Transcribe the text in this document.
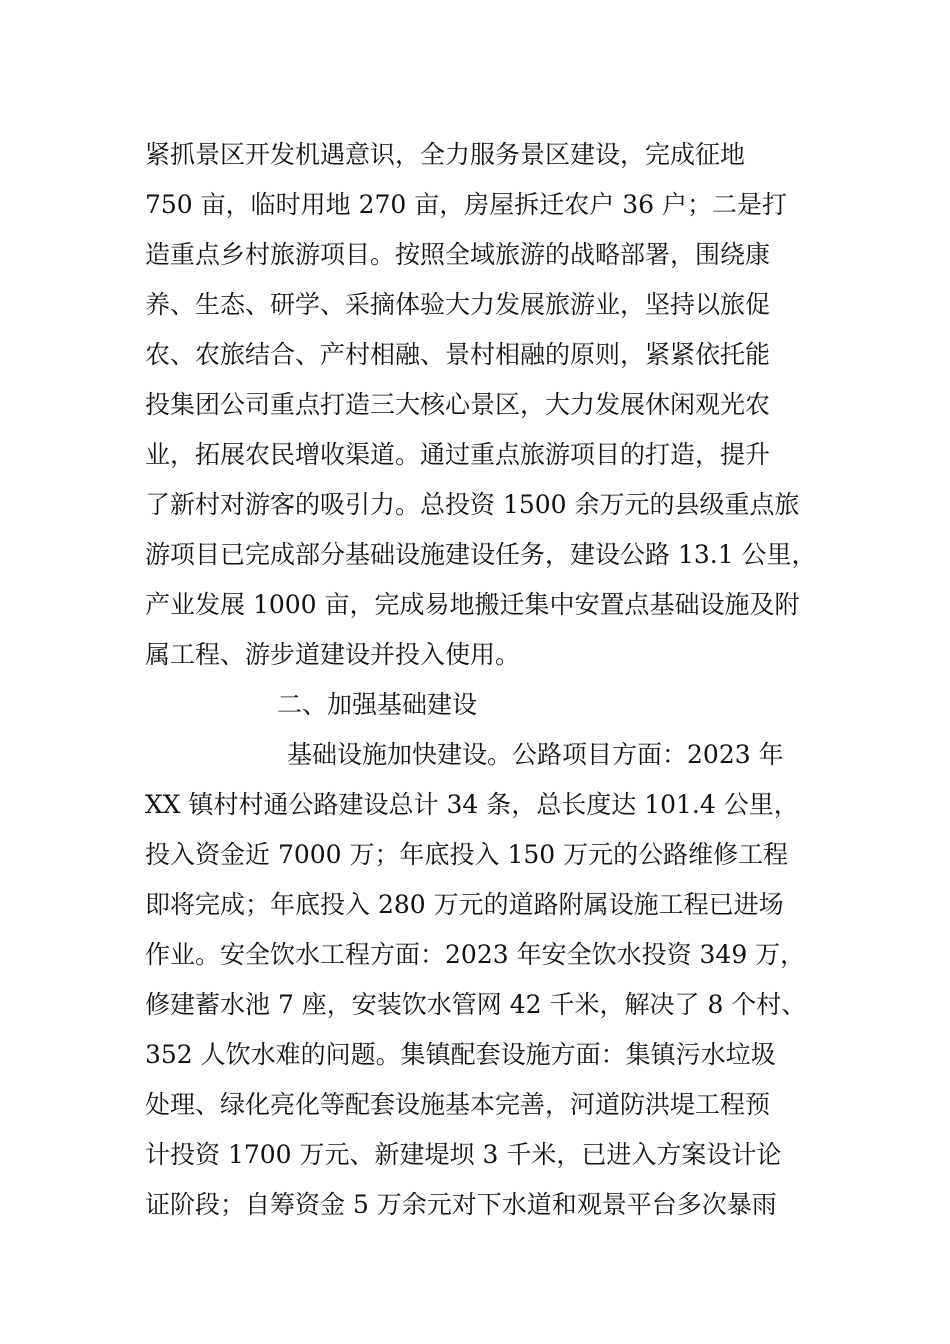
紧抓景区开发机遇意识，全力服务景区建设，完成征地
750 亩，临时用地 270 亩，房屋拆迁农户 36 户；二是打
造重点乡村旅游项目。按照全域旅游的战略部署，围绕康
养、生态、研学、采摘体验大力发展旅游业，坚持以旅促
农、农旅结合、产村相融、景村相融的原则，紧紧依托能
投集团公司重点打造三大核心景区，大力发展休闲观光农
业，拓展农民增收渠道。通过重点旅游项目的打造，提升
了新村对游客的吸引力。总投资 1500 余万元的县级重点旅
游项目已完成部分基础设施建设任务，建设公路 13.1 公里，
产业发展 1000 亩，完成易地搬迁集中安置点基础设施及附
属工程、游步道建设并投入使用。
二、加强基础建设
基础设施加快建设。公路项目方面：2023 年
XX 镇村村通公路建设总计 34 条，总长度达 101.4 公里，
投入资金近 7000 万；年底投入 150 万元的公路维修工程
即将完成；年底投入 280 万元的道路附属设施工程已进场
作业。安全饮水工程方面：2023 年安全饮水投资 349 万，
修建蓄水池 7 座，安装饮水管网 42 千米，解决了 8 个村、
352 人饮水难的问题。集镇配套设施方面：集镇污水垃圾
处理、绿化亮化等配套设施基本完善，河道防洪堤工程预
计投资 1700 万元、新建堤坝 3 千米，已进入方案设计论
证阶段；自筹资金 5 万余元对下水道和观景平台多次暴雨
